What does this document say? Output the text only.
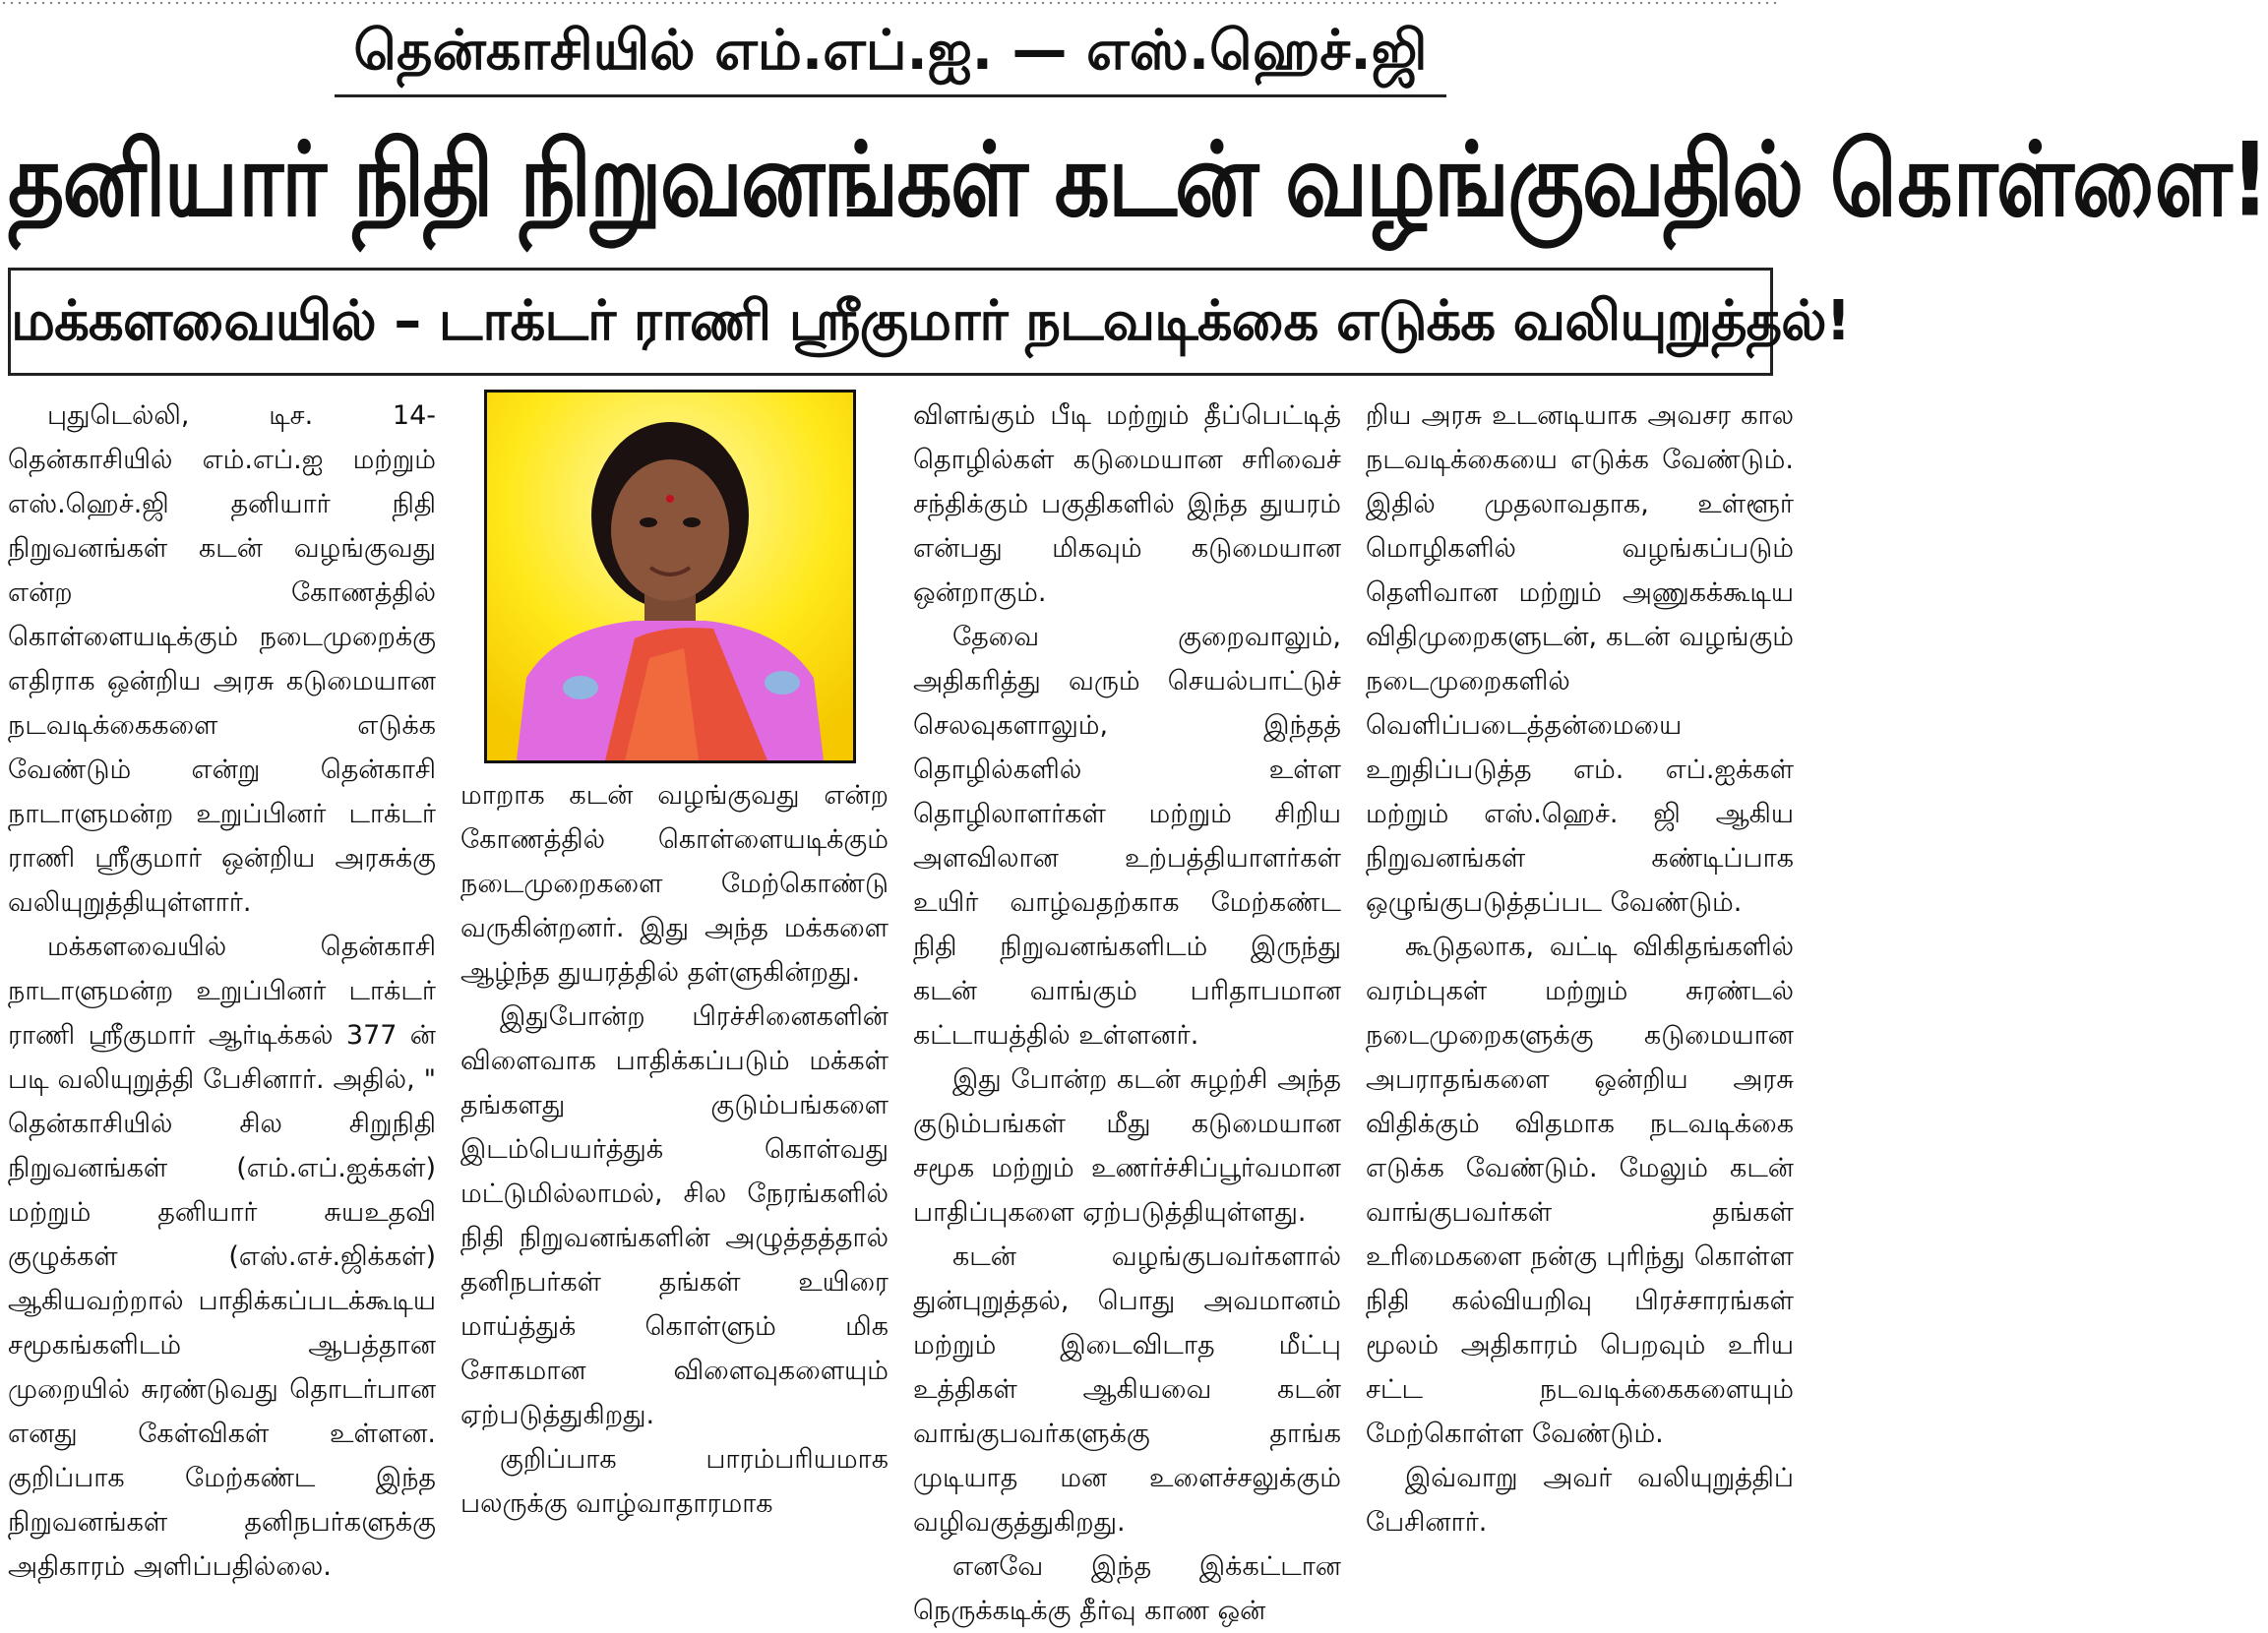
தென்காசியில் எம்.எப்.ஐ. — எஸ்.ஹெச்.ஜி
தனியார் நிதி நிறுவனங்கள் கடன் வழங்குவதில் கொள்ளை!
மக்களவையில் – டாக்டர் ராணி ஸ்ரீகுமார் நடவடிக்கை எடுக்க வலியுறுத்தல்!

புதுடெல்லி, டிச. 14- தென்காசியில் எம்.எப்.ஐ மற்றும் எஸ்.ஹெச்.ஜி தனியார் நிதி நிறுவனங்கள் கடன் வழங்குவது என்ற கோணத்தில் கொள்ளையடிக்கும் நடைமுறைக்கு எதிராக ஒன்றிய அரசு கடுமையான நடவடிக்கைகளை எடுக்க வேண்டும் என்று தென்காசி நாடாளுமன்ற உறுப்பினர் டாக்டர் ராணி ஸ்ரீகுமார் ஒன்றிய அரசுக்கு வலியுறுத்தியுள்ளார்.

மக்களவையில் தென்காசி நாடாளுமன்ற உறுப்பினர் டாக்டர் ராணி ஸ்ரீகுமார் ஆர்டிக்கல் 377 ன் படி வலியுறுத்தி பேசினார். அதில், " தென்காசியில் சில சிறுநிதி நிறுவனங்கள் (எம்.எப்.ஐக்கள்) மற்றும் தனியார் சுயஉதவி குழுக்கள் (எஸ்.எச்.ஜிக்கள்) ஆகியவற்றால் பாதிக்கப்படக்கூடிய சமூகங்களிடம் ஆபத்தான முறையில் சுரண்டுவது தொடர்பான எனது கேள்விகள் உள்ளன. குறிப்பாக மேற்கண்ட இந்த நிறுவனங்கள் தனிநபர்களுக்கு அதிகாரம் அளிப்பதில்லை.

மாறாக கடன் வழங்குவது என்ற கோணத்தில் கொள்ளையடிக்கும் நடைமுறைகளை மேற்கொண்டு வருகின்றனர். இது அந்த மக்களை ஆழ்ந்த துயரத்தில் தள்ளுகின்றது.

இதுபோன்ற பிரச்சினைகளின் விளைவாக பாதிக்கப்படும் மக்கள் தங்களது குடும்பங்களை இடம்பெயர்த்துக் கொள்வது மட்டுமில்லாமல், சில நேரங்களில் நிதி நிறுவனங்களின் அழுத்தத்தால் தனிநபர்கள் தங்கள் உயிரை மாய்த்துக் கொள்ளும் மிக சோகமான விளைவுகளையும் ஏற்படுத்துகிறது.

குறிப்பாக பாரம்பரியமாக பலருக்கு வாழ்வாதாரமாக

விளங்கும் பீடி மற்றும் தீப்பெட்டித் தொழில்கள் கடுமையான சரிவைச் சந்திக்கும் பகுதிகளில் இந்த துயரம் என்பது மிகவும் கடுமையான ஒன்றாகும்.

தேவை குறைவாலும், அதிகரித்து வரும் செயல்பாட்டுச் செலவுகளாலும், இந்தத் தொழில்களில் உள்ள தொழிலாளர்கள் மற்றும் சிறிய அளவிலான உற்பத்தியாளர்கள் உயிர் வாழ்வதற்காக மேற்கண்ட நிதி நிறுவனங்களிடம் இருந்து கடன் வாங்கும் பரிதாபமான கட்டாயத்தில் உள்ளனர்.

இது போன்ற கடன் சுழற்சி அந்த குடும்பங்கள் மீது கடுமையான சமூக மற்றும் உணர்ச்சிப்பூர்வமான பாதிப்புகளை ஏற்படுத்தியுள்ளது.

கடன் வழங்குபவர்களால் துன்புறுத்தல், பொது அவமானம் மற்றும் இடைவிடாத மீட்பு உத்திகள் ஆகியவை கடன் வாங்குபவர்களுக்கு தாங்க முடியாத மன உளைச்சலுக்கும் வழிவகுத்துகிறது.

எனவே இந்த இக்கட்டான நெருக்கடிக்கு தீர்வு காண ஒன்

றிய அரசு உடனடியாக அவசர கால நடவடிக்கையை எடுக்க வேண்டும். இதில் முதலாவதாக, உள்ளூர் மொழிகளில் வழங்கப்படும் தெளிவான மற்றும் அணுகக்கூடிய விதிமுறைகளுடன், கடன் வழங்கும் நடைமுறைகளில் வெளிப்படைத்தன்மையை உறுதிப்படுத்த எம். எப்.ஐக்கள் மற்றும் எஸ்.ஹெச். ஜி ஆகிய நிறுவனங்கள் கண்டிப்பாக ஒழுங்குபடுத்தப்பட வேண்டும்.

கூடுதலாக, வட்டி விகிதங்களில் வரம்புகள் மற்றும் சுரண்டல் நடைமுறைகளுக்கு கடுமையான அபராதங்களை ஒன்றிய அரசு விதிக்கும் விதமாக நடவடிக்கை எடுக்க வேண்டும். மேலும் கடன் வாங்குபவர்கள் தங்கள் உரிமைகளை நன்கு புரிந்து கொள்ள நிதி கல்வியறிவு பிரச்சாரங்கள் மூலம் அதிகாரம் பெறவும் உரிய சட்ட நடவடிக்கைகளையும் மேற்கொள்ள வேண்டும்.

இவ்வாறு அவர் வலியுறுத்திப் பேசினார்.
